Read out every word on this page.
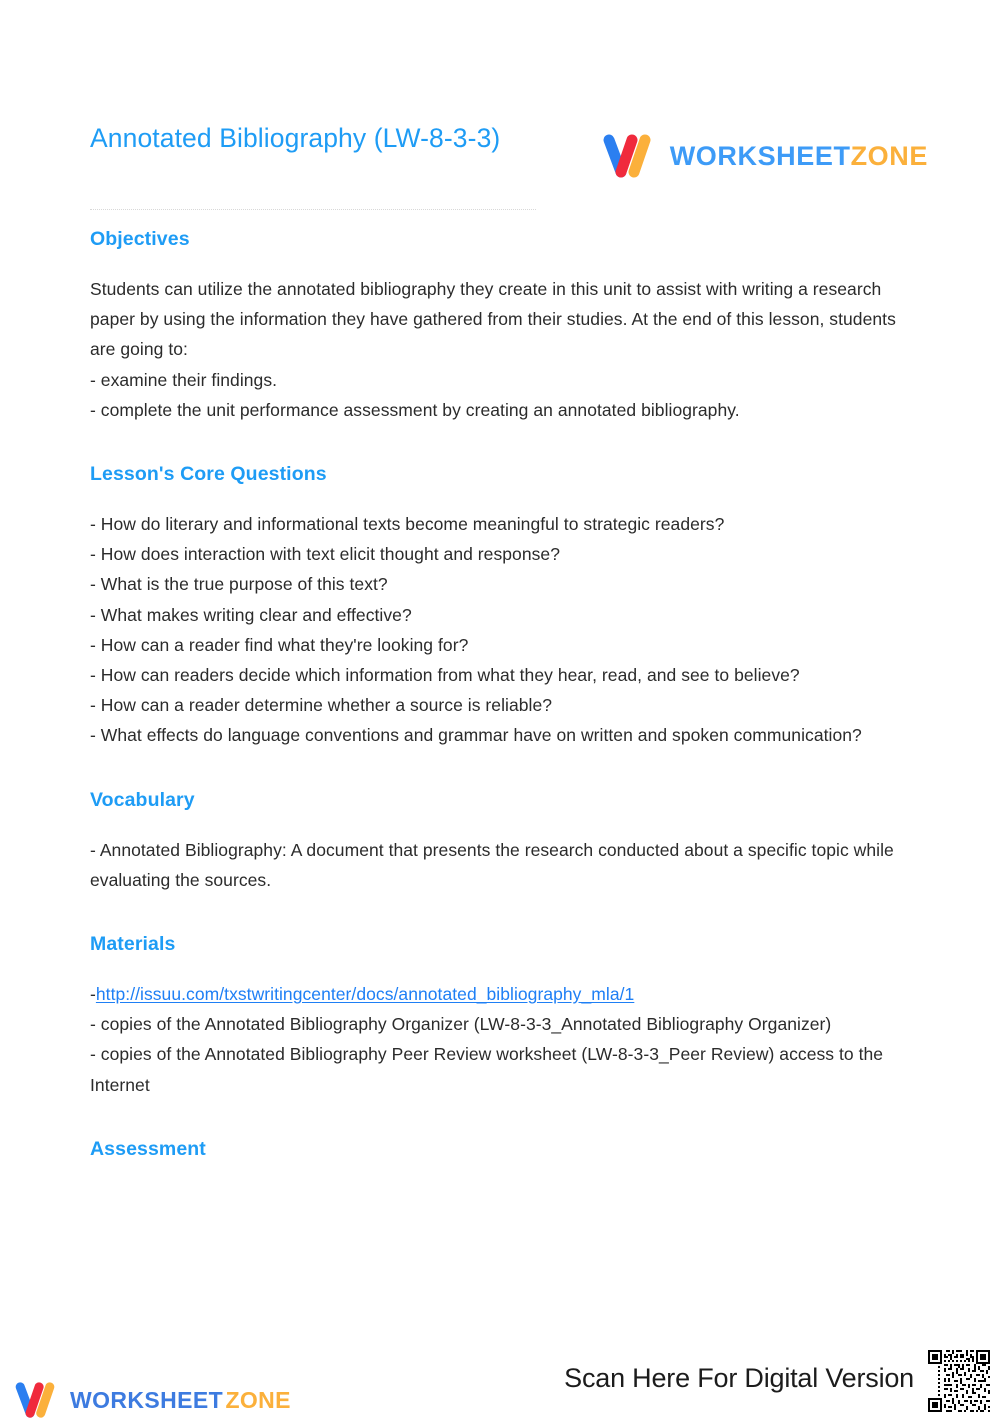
Annotated Bibliography (LW-8-3-3)
WORKSHEETZONE
Objectives
Students can utilize the annotated bibliography they create in this unit to assist with writing a research paper by using the information they have gathered from their studies. At the end of this lesson, students are going to:
- examine their findings.
- complete the unit performance assessment by creating an annotated bibliography.
Lesson's Core Questions
- How do literary and informational texts become meaningful to strategic readers?
- How does interaction with text elicit thought and response?
- What is the true purpose of this text?
- What makes writing clear and effective?
- How can a reader find what they're looking for?
- How can readers decide which information from what they hear, read, and see to believe?
- How can a reader determine whether a source is reliable?
- What effects do language conventions and grammar have on written and spoken communication?
Vocabulary
- Annotated Bibliography: A document that presents the research conducted about a specific topic while evaluating the sources.
Materials
-http://issuu.com/txstwritingcenter/docs/annotated_bibliography_mla/1
- copies of the Annotated Bibliography Organizer (LW-8-3-3_Annotated Bibliography Organizer)
- copies of the Annotated Bibliography Peer Review worksheet (LW-8-3-3_Peer Review) access to the Internet
Assessment
WORKSHEET  ZONE
Scan Here For Digital Version
